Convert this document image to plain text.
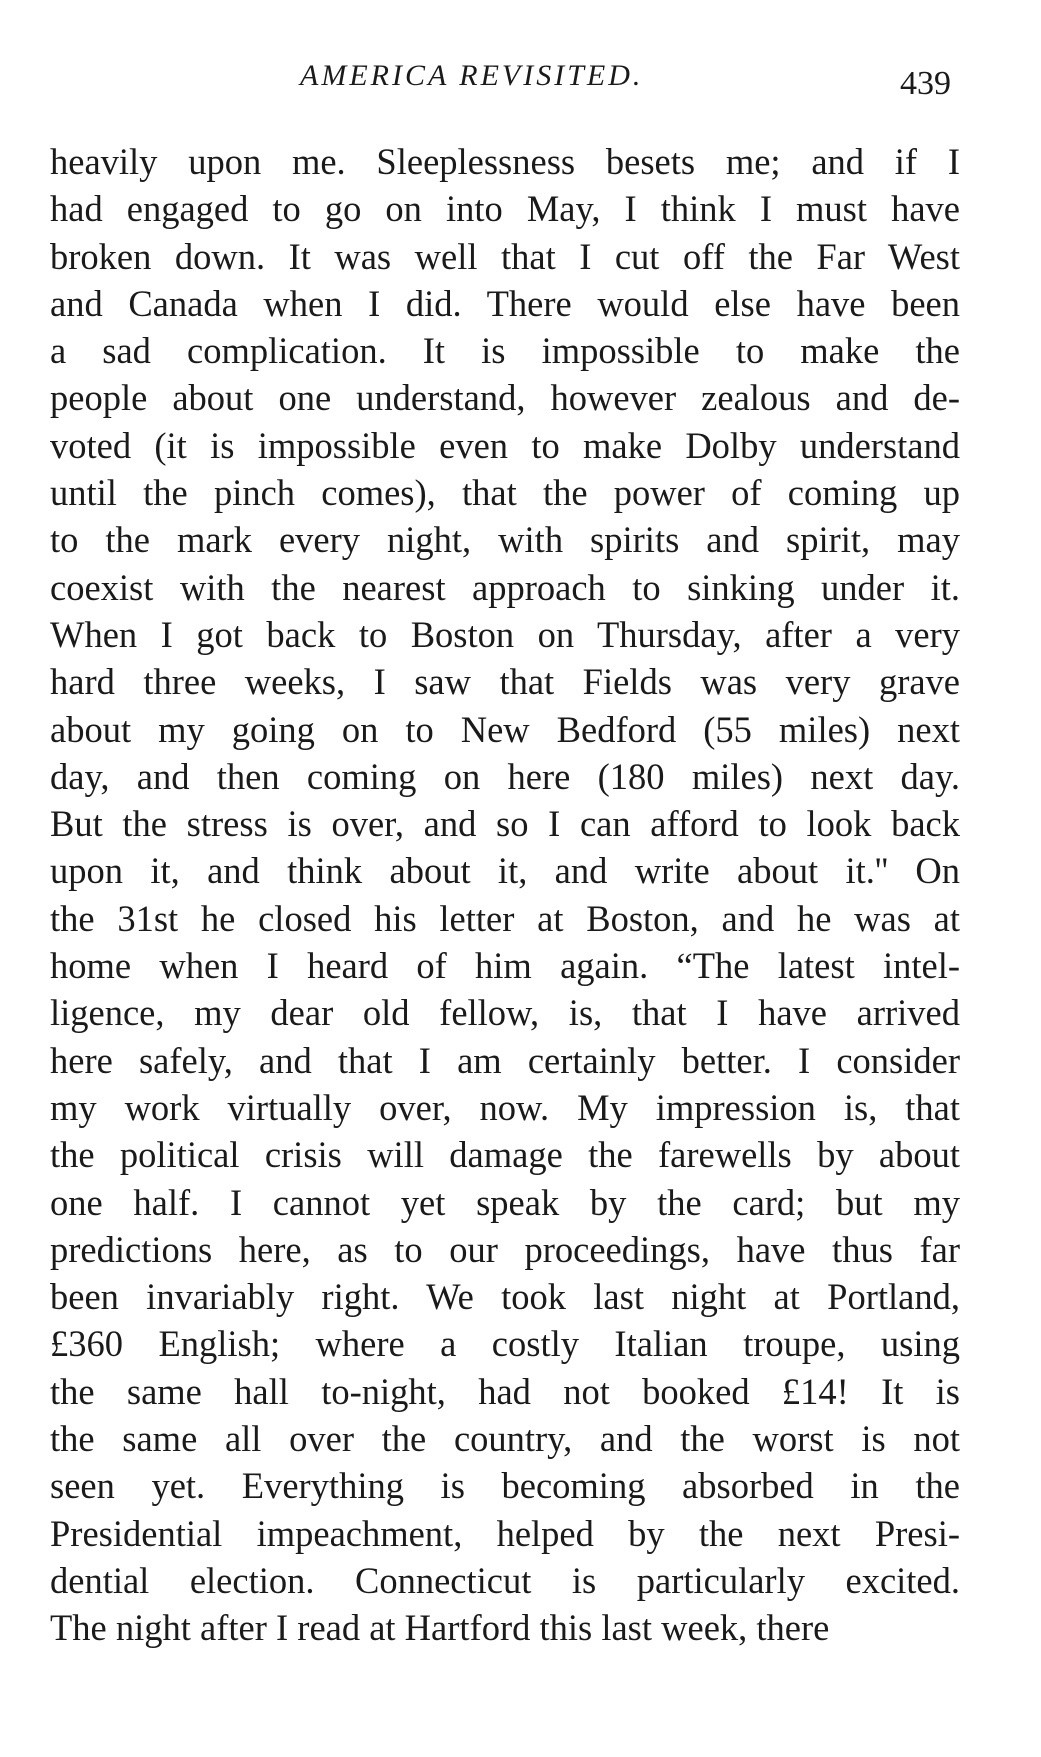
AMERICA REVISITED.	439
heavily upon me. Sleeplessness besets me; and if I
had engaged to go on into May, I think I must have
broken down. It was well that I cut off the Far West
and Canada when I did. There would else have been
a sad complication. It is impossible to make the
people about one understand, however zealous and de-
voted (it is impossible even to make Dolby understand
until the pinch comes), that the power of coming up
to the mark every night, with spirits and spirit, may
coexist with the nearest approach to sinking under it.
When I got back to Boston on Thursday, after a very
hard three weeks, I saw that Fields was very grave
about my going on to New Bedford (55 miles) next
day, and then coming on here (180 miles) next day.
But the stress is over, and so I can afford to look back
upon it, and think about it, and write about it.'' On
the 31st he closed his letter at Boston, and he was at
home when I heard of him again. “The latest intel-
ligence, my dear old fellow, is, that I have arrived
here safely, and that I am certainly better. I consider
my work virtually over, now. My impression is, that
the political crisis will damage the farewells by about
one half. I cannot yet speak by the card; but my
predictions here, as to our proceedings, have thus far
been invariably right. We took last night at Portland,
£360 English; where a costly Italian troupe, using
the same hall to-night, had not booked £14! It is
the same all over the country, and the worst is not
seen yet. Everything is becoming absorbed in the
Presidential impeachment, helped by the next Presi-
dential election. Connecticut is particularly excited.
The night after I read at Hartford this last week, there
